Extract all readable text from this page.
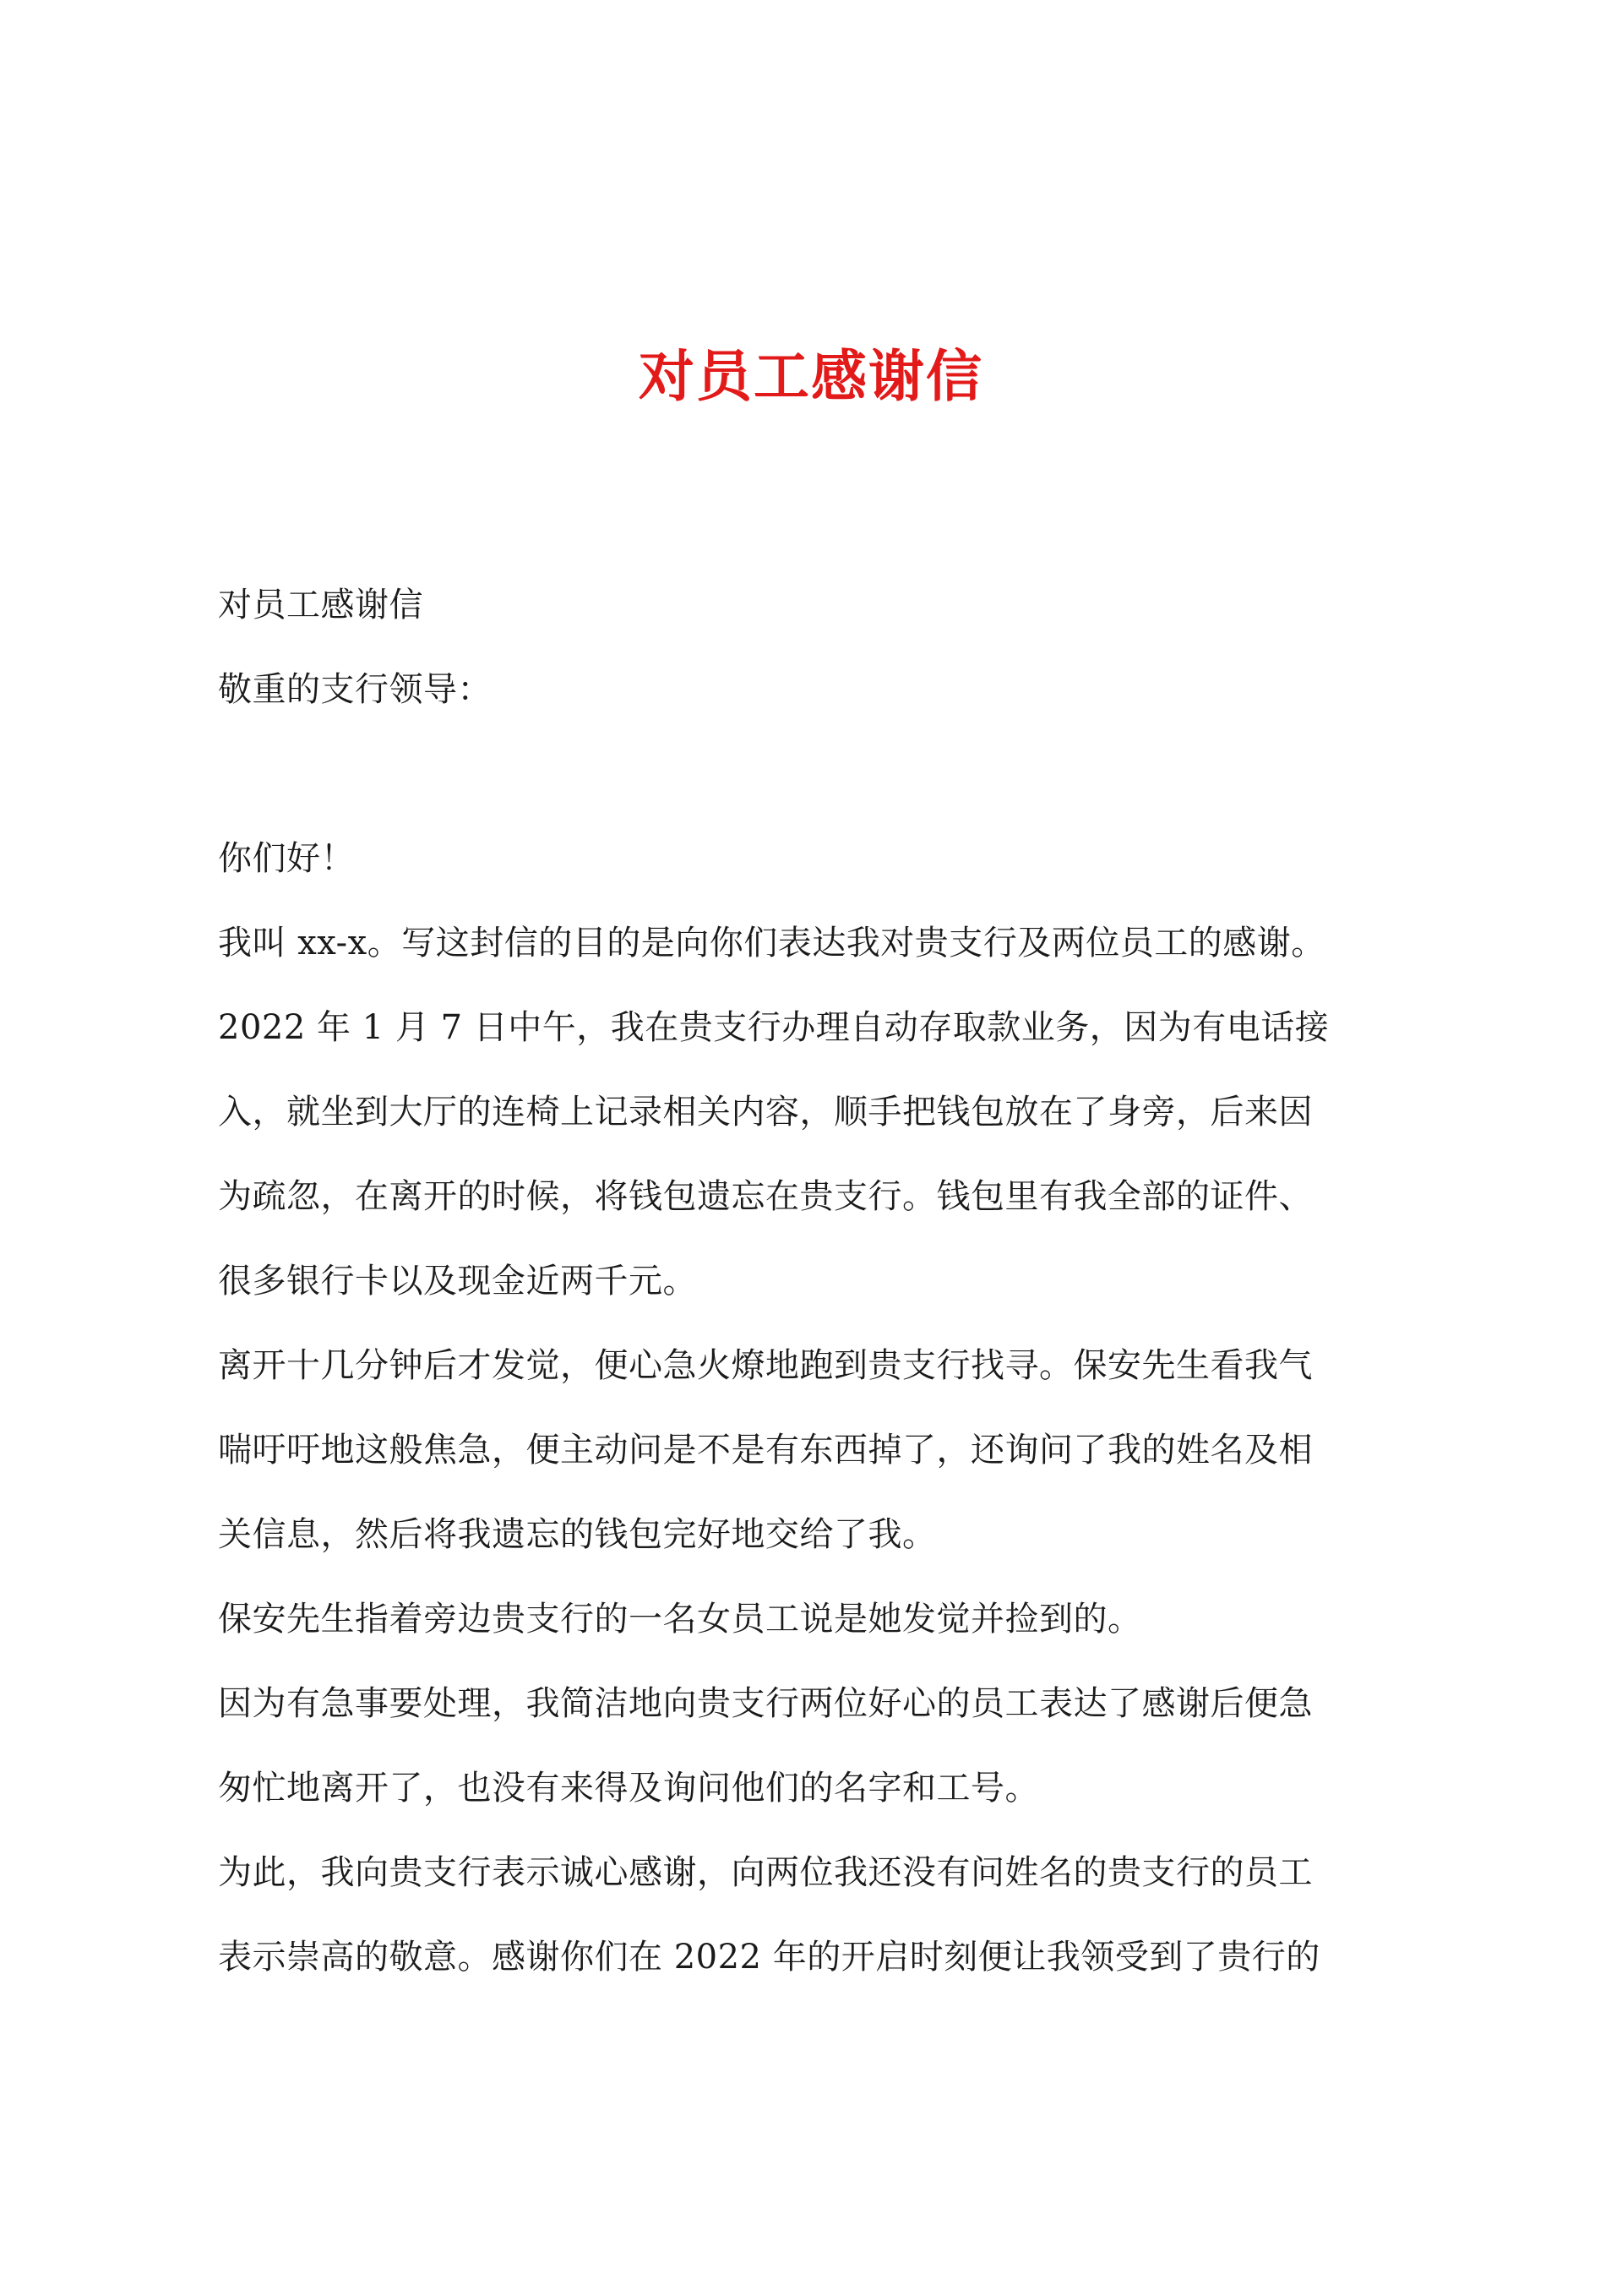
对员工感谢信
对员工感谢信
敬重的支行领导：
你们好！
我叫 xx-x。写这封信的目的是向你们表达我对贵支行及两位员工的感谢。
2022 年 1 月 7 日中午，我在贵支行办理自动存取款业务，因为有电话接
入，就坐到大厅的连椅上记录相关内容，顺手把钱包放在了身旁，后来因
为疏忽，在离开的时候，将钱包遗忘在贵支行。钱包里有我全部的证件、
很多银行卡以及现金近两千元。
离开十几分钟后才发觉，便心急火燎地跑到贵支行找寻。保安先生看我气
喘吁吁地这般焦急，便主动问是不是有东西掉了，还询问了我的姓名及相
关信息，然后将我遗忘的钱包完好地交给了我。
保安先生指着旁边贵支行的一名女员工说是她发觉并捡到的。
因为有急事要处理，我简洁地向贵支行两位好心的员工表达了感谢后便急
匆忙地离开了，也没有来得及询问他们的名字和工号。
为此，我向贵支行表示诚心感谢，向两位我还没有问姓名的贵支行的员工
表示崇高的敬意。感谢你们在 2022 年的开启时刻便让我领受到了贵行的
